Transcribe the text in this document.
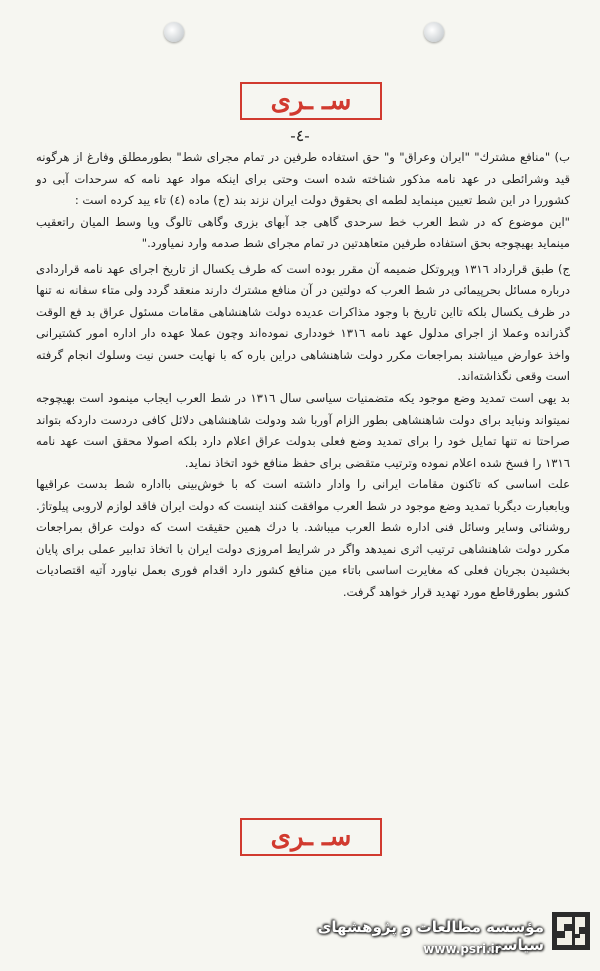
سـ ـرى
-٤-

ب) "منافع مشترك" "ايران وعراق" و" حق استفاده طرفين در تمام مجراى شط" بطورمطلق وفارغ از هرگونه قيد وشرائطى در عهد نامه مذكور شناخته شده است وحتى براى اينكه مواد عهد نامه كه سرحدات آبى دو كشوررا در اين شط تعيين مينمايد لطمه اى بحقوق دولت ايران نزند بند (ج) ماده (٤) تاء ييد كرده است :

"اين موضوع كه در شط العرب خط سرحدى گاهى جد آبهاى بزرى وگاهى تالوگ ويا وسط الميان راتعقيب مينمايد بهيچوجه بحق استفاده طرفين متعاهدتين در تمام مجراى شط صدمه وارد نمياورد."

ج) طبق قرارداد ١٣١٦ وپروتكل ضميمه آن مقرر بوده است كه طرف يكسال از تاريخ اجراى عهد نامه قراردادى درباره مسائل بحرپيمائى در شط العرب كه دولتين در آن منافع مشترك دارند منعقد گردد ولى متاء سفانه نه تنها در ظرف يكسال بلكه تااين تاريخ با وجود مذاكرات عديده دولت شاهنشاهى مقامات مسئول عراق بد فع الوقت گذرانده وعملا از اجراى مدلول عهد نامه ١٣١٦ خوددارى نموده‌اند وچون عملا عهده دار اداره امور كشتيرانى واخذ عوارض ميباشند بمراجعات مكرر دولت شاهنشاهى دراين باره كه با نهايت حسن نيت وسلوك انجام گرفته است وقعى نگذاشته‌اند.

بد يهى است تمديد وضع موجود يكه متضمنيات سياسى سال ١٣١٦ در شط العرب ايجاب مينمود است بهيچوجه نميتواند ونبايد براى دولت شاهنشاهى بطور الزام آوربا شد ودولت شاهنشاهى دلائل كافى دردست داردكه بتواند صراحتا نه تنها تمايل خود را براى تمديد وضع فعلى بدولت عراق اعلام دارد بلكه اصولا محقق است عهد نامه ١٣١٦ را فسخ شده اعلام نموده وترتيب متقضى براى حفظ منافع خود اتخاذ نمايد.

علت اساسى كه تاكنون مقامات ايرانى را وادار داشته است كه با خوش‌بينى بااداره شط بدست عراقيها ويابعبارت ديگربا تمديد وضع موجود در شط العرب موافقت كنند اينست كه دولت ايران فاقد لوازم لاروبى پيلوتاژ. روشنائى وساير وسائل فنى اداره شط العرب ميباشد. با درك همين حقيقت است كه دولت عراق بمراجعات مكرر دولت شاهنشاهى ترتيب اثرى نميدهد واگر در شرايط امروزى دولت ايران با اتخاذ تدابير عملى براى پايان بخشيدن بجريان فعلى كه مغايرت اساسى باتاء مين منافع كشور دارد اقدام فورى بعمل نياورد آتيه اقتصاديات كشور بطورقاطع مورد تهديد قرار خواهد گرفت.

سـ ـرى
مؤسسه مطالعات و پژوهشهای سیاسی
www.psri.ir
